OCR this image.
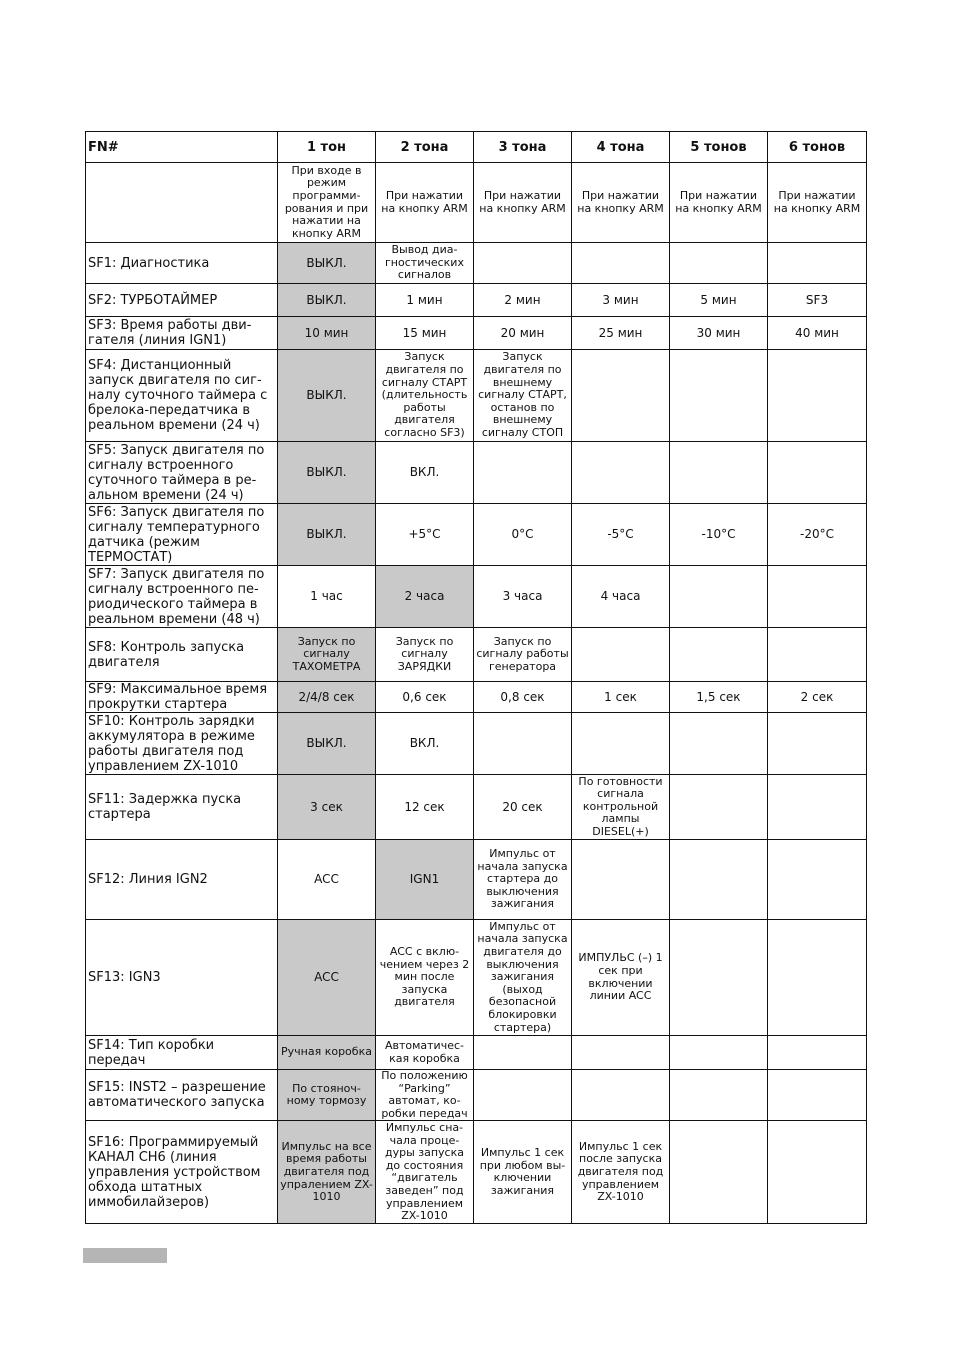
FN#	1 тон	2 тона	3 тона	4 тона	5 тонов	6 тонов
	При входе в режим программирования и при нажатии на кнопку ARM	При нажатии на кнопку ARM	При нажатии на кнопку ARM	При нажатии на кнопку ARM	При нажатии на кнопку ARM	При нажатии на кнопку ARM
SF1: Диагностика	ВЫКЛ.	Вывод диагностических сигналов				
SF2: ТУРБОТАЙМЕР	ВЫКЛ.	1 мин	2 мин	3 мин	5 мин	SF3
SF3: Время работы двигателя (линия IGN1)	10 мин	15 мин	20 мин	25 мин	30 мин	40 мин
SF4: Дистанционный запуск двигателя по сигналу суточного таймера с брелока-передатчика в реальном времени (24 ч)	ВЫКЛ.	Запуск двигателя по сигналу СТАРТ (длительность работы двигателя согласно SF3)	Запуск двигателя по внешнему сигналу СТАРТ, останов по внешнему сигналу СТОП			
SF5: Запуск двигателя по сигналу встроенного суточного таймера в реальном времени (24 ч)	ВЫКЛ.	ВКЛ.				
SF6: Запуск двигателя по сигналу температурного датчика (режим ТЕРМОСТАТ)	ВЫКЛ.	+5°C	0°C	-5°C	-10°C	-20°C
SF7: Запуск двигателя по сигналу встроенного периодического таймера в реальном времени (48 ч)	1 час	2 часа	3 часа	4 часа		
SF8: Контроль запуска двигателя	Запуск по сигналу ТАХОМЕТРА	Запуск по сигналу ЗАРЯДКИ	Запуск по сигналу работы генератора			
SF9: Максимальное время прокрутки стартера	2/4/8 сек	0,6 сек	0,8 сек	1 сек	1,5 сек	2 сек
SF10: Контроль зарядки аккумулятора в режиме работы двигателя под управлением ZX-1010	ВЫКЛ.	ВКЛ.				
SF11: Задержка пуска стартера	3 сек	12 сек	20 сек	По готовности сигнала контрольной лампы DIESEL(+)		
SF12: Линия IGN2	ACC	IGN1	Импульс от начала запуска стартера до выключения зажигания			
SF13: IGN3	ACC	ACC с включением через 2 мин после запуска двигателя	Импульс от начала запуска двигателя до выключения зажигания (выход безопасной блокировки стартера)	ИМПУЛЬС (–) 1 сек при включении линии ACC		
SF14: Тип коробки передач	Ручная коробка	Автоматическая коробка				
SF15: INST2 – разрешение автоматического запуска	По стояночному тормозу	По положению “Parking” автомат, коробки передач				
SF16: Программируемый КАНАЛ CH6 (линия управления устройством обхода штатных иммобилайзеров)	Импульс на все время работы двигателя под упралением ZX-1010	Импульс сначала процедуры запуска до состояния “двигатель заведен” под управлением ZX-1010	Импульс 1 сек при любом выключении зажигания	Импульс 1 сек после запуска двигателя под управлением ZX-1010		
